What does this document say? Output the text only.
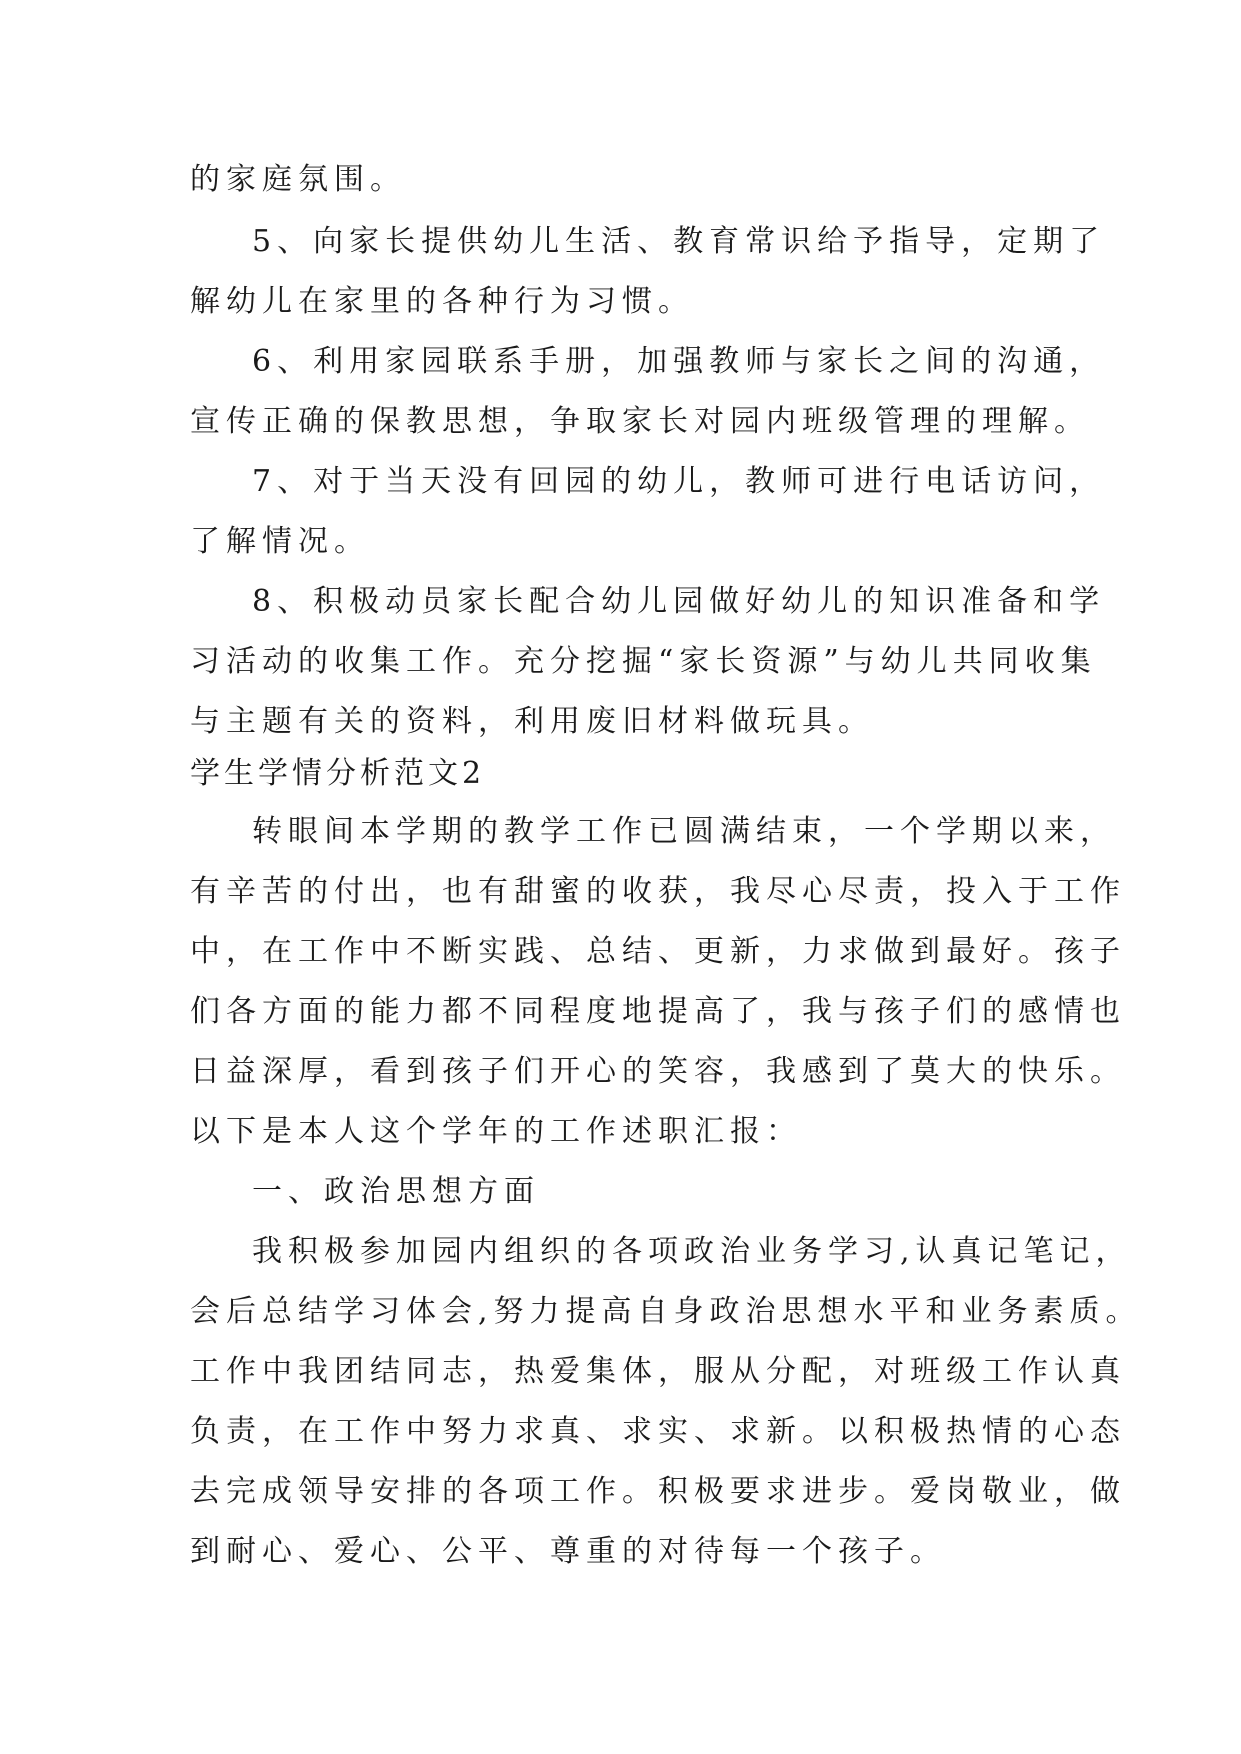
的家庭氛围。
5、向家长提供幼儿生活、教育常识给予指导，定期了
解幼儿在家里的各种行为习惯。
6、利用家园联系手册，加强教师与家长之间的沟通，
宣传正确的保教思想，争取家长对园内班级管理的理解。
7、对于当天没有回园的幼儿，教师可进行电话访问，
了解情况。
8、积极动员家长配合幼儿园做好幼儿的知识准备和学
习活动的收集工作。充分挖掘“家长资源”与幼儿共同收集
与主题有关的资料，利用废旧材料做玩具。
学生学情分析范文2
转眼间本学期的教学工作已圆满结束，一个学期以来，
有辛苦的付出，也有甜蜜的收获，我尽心尽责，投入于工作
中，在工作中不断实践、总结、更新，力求做到最好。孩子
们各方面的能力都不同程度地提高了，我与孩子们的感情也
日益深厚，看到孩子们开心的笑容，我感到了莫大的快乐。
以下是本人这个学年的工作述职汇报：
一、政治思想方面
我积极参加园内组织的各项政治业务学习,认真记笔记，
会后总结学习体会,努力提高自身政治思想水平和业务素质。
工作中我团结同志，热爱集体，服从分配，对班级工作认真
负责，在工作中努力求真、求实、求新。以积极热情的心态
去完成领导安排的各项工作。积极要求进步。爱岗敬业，做
到耐心、爱心、公平、尊重的对待每一个孩子。
